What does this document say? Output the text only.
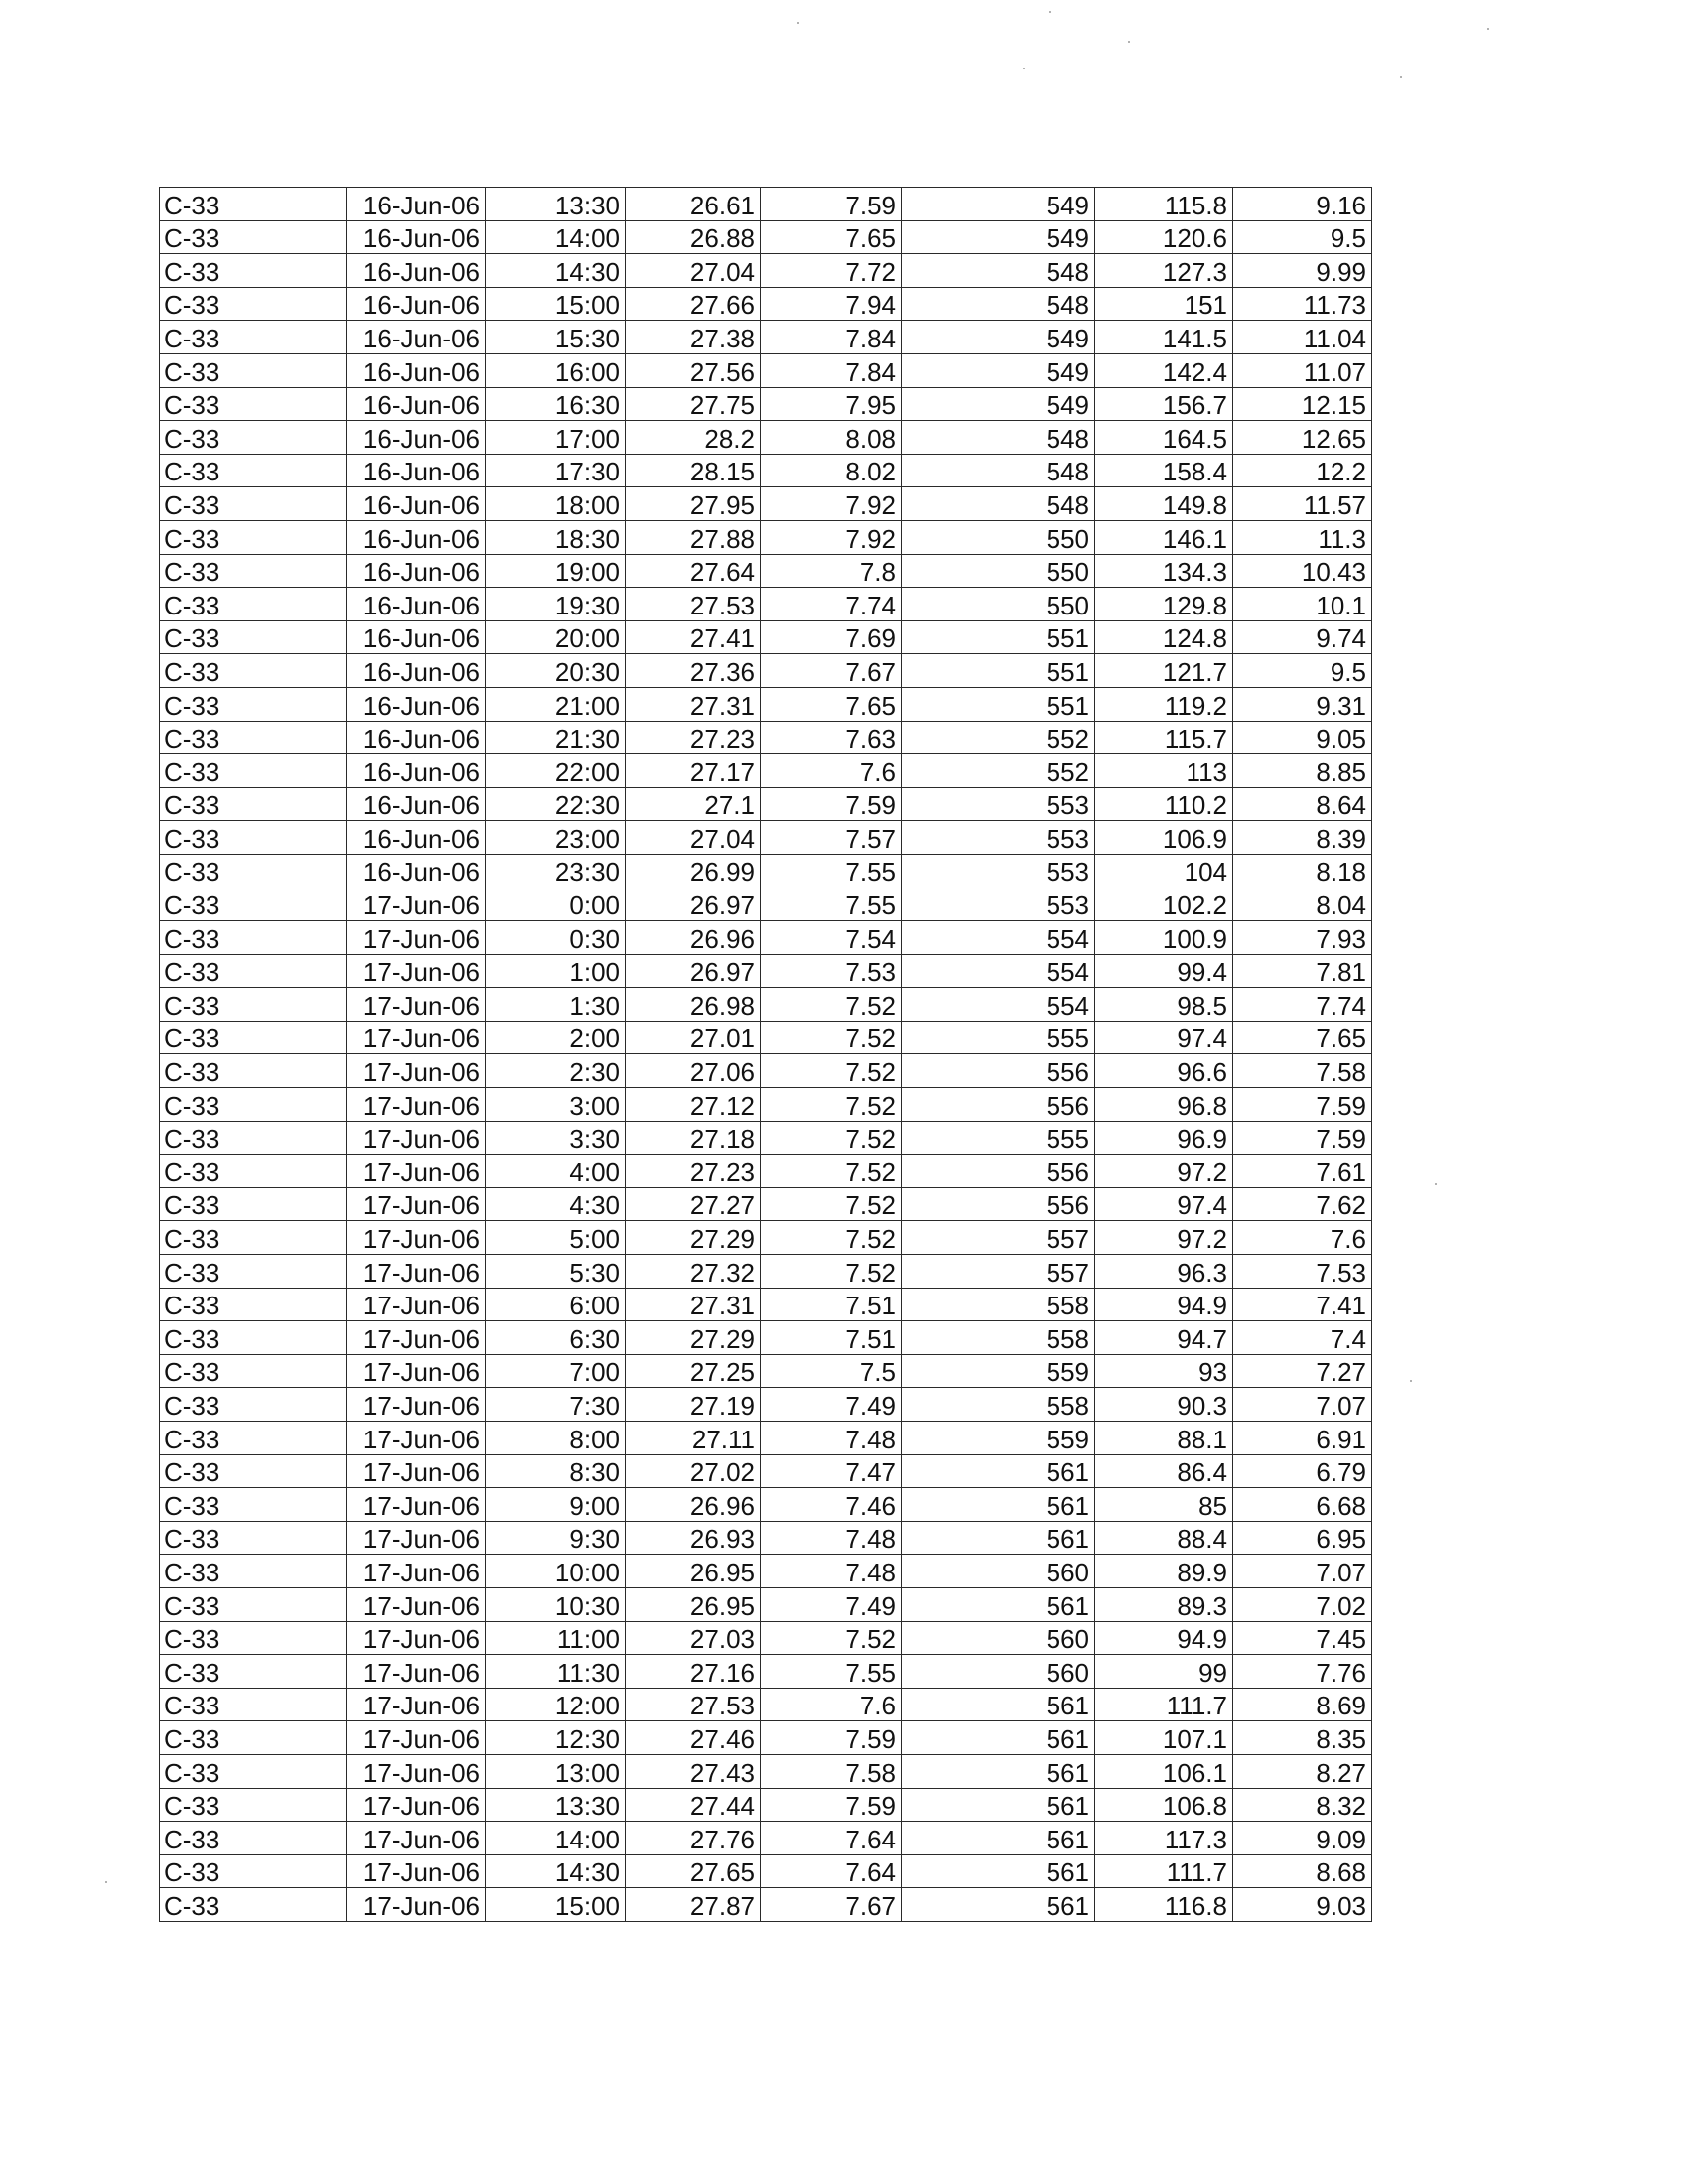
C-33	16-Jun-06	13:30	26.61	7.59	549	115.8	9.16
C-33	16-Jun-06	14:00	26.88	7.65	549	120.6	9.5
C-33	16-Jun-06	14:30	27.04	7.72	548	127.3	9.99
C-33	16-Jun-06	15:00	27.66	7.94	548	151	11.73
C-33	16-Jun-06	15:30	27.38	7.84	549	141.5	11.04
C-33	16-Jun-06	16:00	27.56	7.84	549	142.4	11.07
C-33	16-Jun-06	16:30	27.75	7.95	549	156.7	12.15
C-33	16-Jun-06	17:00	28.2	8.08	548	164.5	12.65
C-33	16-Jun-06	17:30	28.15	8.02	548	158.4	12.2
C-33	16-Jun-06	18:00	27.95	7.92	548	149.8	11.57
C-33	16-Jun-06	18:30	27.88	7.92	550	146.1	11.3
C-33	16-Jun-06	19:00	27.64	7.8	550	134.3	10.43
C-33	16-Jun-06	19:30	27.53	7.74	550	129.8	10.1
C-33	16-Jun-06	20:00	27.41	7.69	551	124.8	9.74
C-33	16-Jun-06	20:30	27.36	7.67	551	121.7	9.5
C-33	16-Jun-06	21:00	27.31	7.65	551	119.2	9.31
C-33	16-Jun-06	21:30	27.23	7.63	552	115.7	9.05
C-33	16-Jun-06	22:00	27.17	7.6	552	113	8.85
C-33	16-Jun-06	22:30	27.1	7.59	553	110.2	8.64
C-33	16-Jun-06	23:00	27.04	7.57	553	106.9	8.39
C-33	16-Jun-06	23:30	26.99	7.55	553	104	8.18
C-33	17-Jun-06	0:00	26.97	7.55	553	102.2	8.04
C-33	17-Jun-06	0:30	26.96	7.54	554	100.9	7.93
C-33	17-Jun-06	1:00	26.97	7.53	554	99.4	7.81
C-33	17-Jun-06	1:30	26.98	7.52	554	98.5	7.74
C-33	17-Jun-06	2:00	27.01	7.52	555	97.4	7.65
C-33	17-Jun-06	2:30	27.06	7.52	556	96.6	7.58
C-33	17-Jun-06	3:00	27.12	7.52	556	96.8	7.59
C-33	17-Jun-06	3:30	27.18	7.52	555	96.9	7.59
C-33	17-Jun-06	4:00	27.23	7.52	556	97.2	7.61
C-33	17-Jun-06	4:30	27.27	7.52	556	97.4	7.62
C-33	17-Jun-06	5:00	27.29	7.52	557	97.2	7.6
C-33	17-Jun-06	5:30	27.32	7.52	557	96.3	7.53
C-33	17-Jun-06	6:00	27.31	7.51	558	94.9	7.41
C-33	17-Jun-06	6:30	27.29	7.51	558	94.7	7.4
C-33	17-Jun-06	7:00	27.25	7.5	559	93	7.27
C-33	17-Jun-06	7:30	27.19	7.49	558	90.3	7.07
C-33	17-Jun-06	8:00	27.11	7.48	559	88.1	6.91
C-33	17-Jun-06	8:30	27.02	7.47	561	86.4	6.79
C-33	17-Jun-06	9:00	26.96	7.46	561	85	6.68
C-33	17-Jun-06	9:30	26.93	7.48	561	88.4	6.95
C-33	17-Jun-06	10:00	26.95	7.48	560	89.9	7.07
C-33	17-Jun-06	10:30	26.95	7.49	561	89.3	7.02
C-33	17-Jun-06	11:00	27.03	7.52	560	94.9	7.45
C-33	17-Jun-06	11:30	27.16	7.55	560	99	7.76
C-33	17-Jun-06	12:00	27.53	7.6	561	111.7	8.69
C-33	17-Jun-06	12:30	27.46	7.59	561	107.1	8.35
C-33	17-Jun-06	13:00	27.43	7.58	561	106.1	8.27
C-33	17-Jun-06	13:30	27.44	7.59	561	106.8	8.32
C-33	17-Jun-06	14:00	27.76	7.64	561	117.3	9.09
C-33	17-Jun-06	14:30	27.65	7.64	561	111.7	8.68
C-33	17-Jun-06	15:00	27.87	7.67	561	116.8	9.03
